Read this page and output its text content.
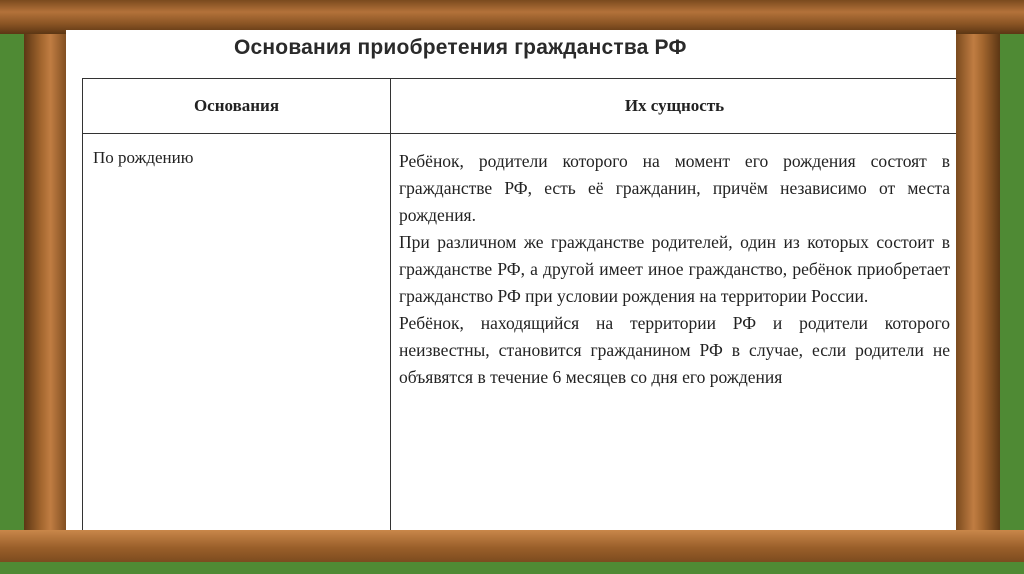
Основания приобретения гражданства РФ
Основания	Их сущность
По рождению	Ребёнок, родители которого на момент его рождения состоят в гражданстве РФ, есть её гражданин, причём независимо от места рождения.

При различном же гражданстве родителей, один из которых состоит в гражданстве РФ, а другой имеет иное гражданство, ребёнок приобретает гражданство РФ при условии рождения на территории России.

Ребёнок, находящийся на территории РФ и родители которого неизвестны, становится гражданином РФ в случае, если родители не объявятся в течение 6 месяцев со дня его рождения
